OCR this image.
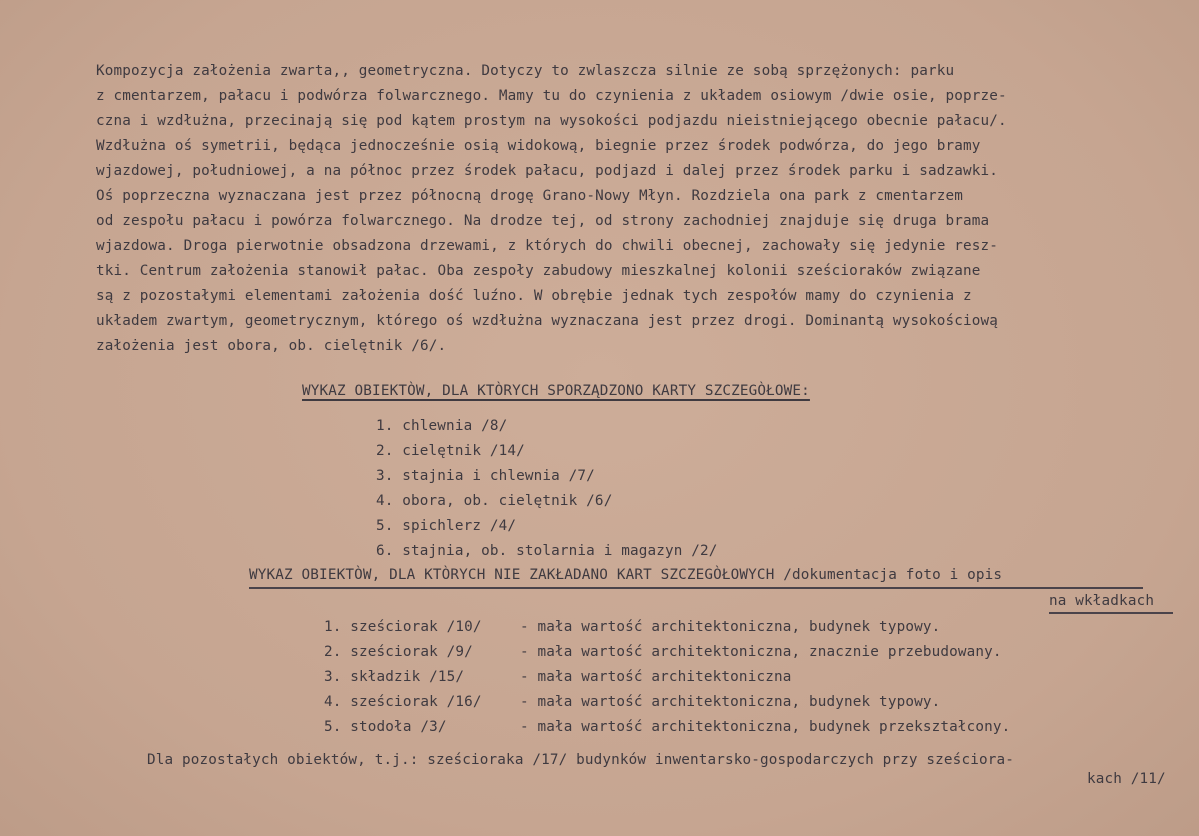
Kompozycja założenia zwarta,, geometryczna. Dotyczy to zwlaszcza silnie ze sobą sprzężonych: parku
z cmentarzem, pałacu i podwórza folwarcznego. Mamy tu do czynienia z układem osiowym /dwie osie, poprze-
czna i wzdłużna, przecinają się pod kątem prostym na wysokości podjazdu nieistniejącego obecnie pałacu/.
Wzdłużna oś symetrii, będąca jednocześnie osią widokową, biegnie przez środek podwórza, do jego bramy
wjazdowej, południowej, a na północ przez środek pałacu, podjazd i dalej przez środek parku i sadzawki.
Oś poprzeczna wyznaczana jest przez północną drogę Grano-Nowy Młyn. Rozdziela ona park z cmentarzem
od zespołu pałacu i powórza folwarcznego. Na drodze tej, od strony zachodniej znajduje się druga brama
wjazdowa. Droga pierwotnie obsadzona drzewami, z których do chwili obecnej, zachowały się jedynie resz-
tki. Centrum założenia stanowił pałac. Oba zespoły zabudowy mieszkalnej kolonii sześcioraków związane
są z pozostałymi elementami założenia dość luźno. W obrębie jednak tych zespołów mamy do czynienia z
układem zwartym, geometrycznym, którego oś wzdłużna wyznaczana jest przez drogi. Dominantą wysokościową
założenia jest obora, ob. cielętnik /6/.
WYKAZ OBIEKTÒW, DLA KTÒRYCH SPORZĄDZONO KARTY SZCZEGÒŁOWE:
1. chlewnia /8/
2. cielętnik /14/
3. stajnia i chlewnia /7/
4. obora, ob. cielętnik /6/
5. spichlerz /4/
6. stajnia, ob. stolarnia i magazyn /2/
WYKAZ OBIEKTÒW, DLA KTÒRYCH NIE ZAKŁADANO KART SZCZEGÒŁOWYCH /dokumentacja foto i opis
na wkładkach
1. sześciorak /10/	- mała wartość architektoniczna, budynek typowy.
2. sześciorak /9/	- mała wartość architektoniczna, znacznie przebudowany.
3. składzik /15/	- mała wartość architektoniczna
4. sześciorak /16/	- mała wartość architektoniczna, budynek typowy.
5. stodoła /3/	- mała wartość architektoniczna, budynek przekształcony.
Dla pozostałych obiektów, t.j.: sześcioraka /17/ budynków inwentarsko-gospodarczych przy sześciora-
kach /11/
